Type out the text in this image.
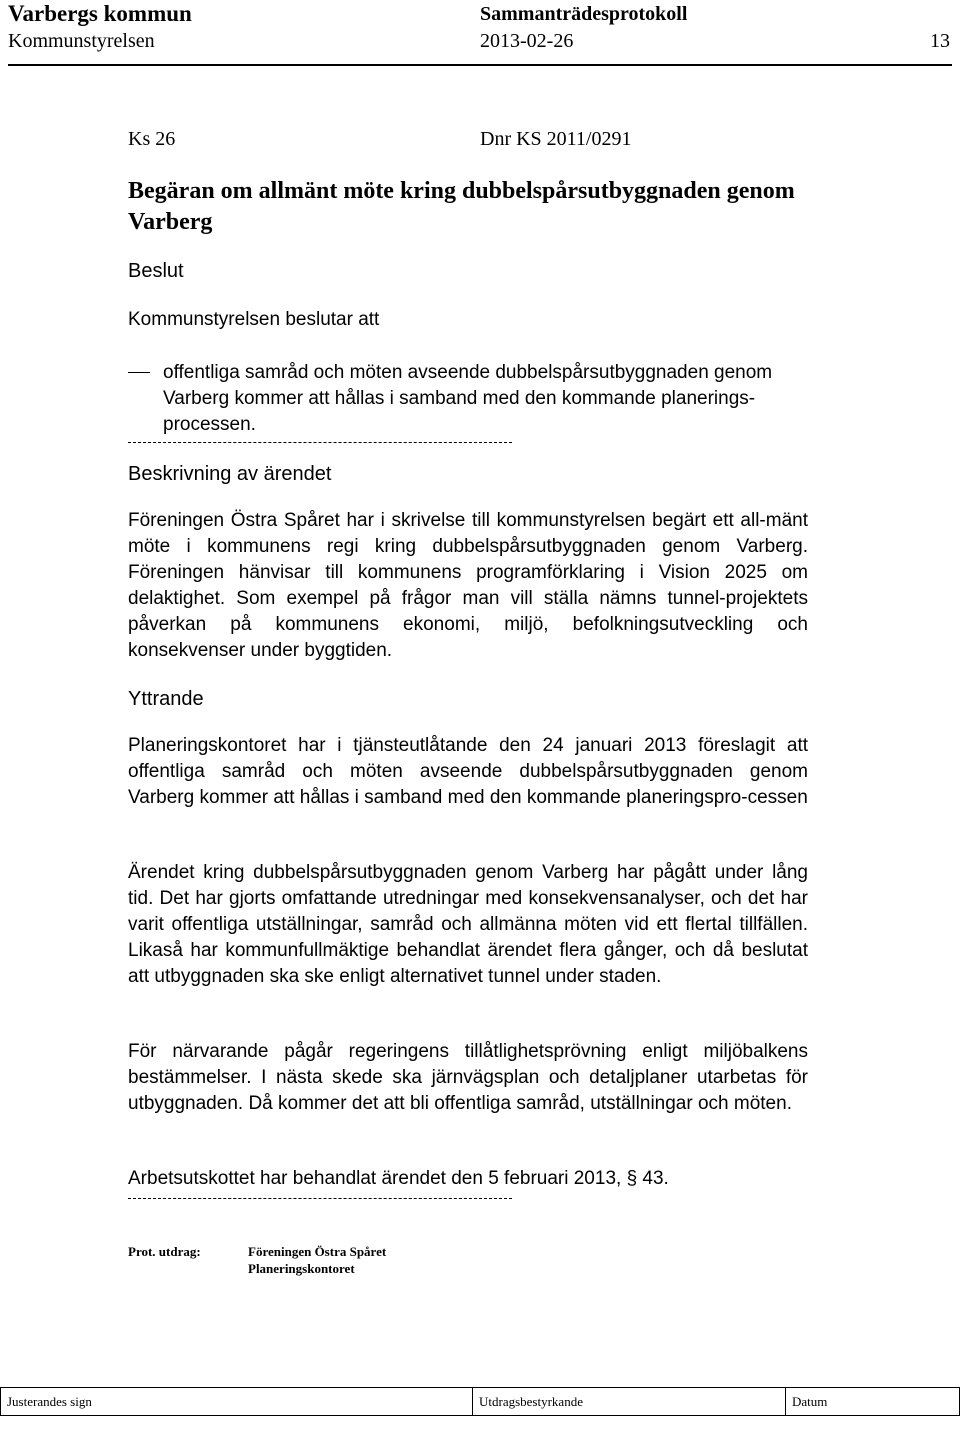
Varbergs kommun	Sammanträdesprotokoll
Kommunstyrelsen	2013-02-26	13
Ks 26	Dnr KS 2011/0291
Begäran om allmänt möte kring dubbelspårsutbyggnaden genom Varberg
Beslut
Kommunstyrelsen beslutar att
offentliga samråd och möten avseende dubbelspårsutbyggnaden genom Varberg kommer att hållas i samband med den kommande planerings-processen.
Beskrivning av ärendet
Föreningen Östra Spåret har i skrivelse till kommunstyrelsen begärt ett all-mänt möte i kommunens regi kring dubbelspårsutbyggnaden genom Varberg. Föreningen hänvisar till kommunens programförklaring i Vision 2025 om delaktighet. Som exempel på frågor man vill ställa nämns tunnel-projektets påverkan på kommunens ekonomi, miljö, befolkningsutveckling och konsekvenser under byggtiden.
Yttrande
Planeringskontoret har i tjänsteutlåtande den 24 januari 2013 föreslagit att offentliga samråd och möten avseende dubbelspårsutbyggnaden genom Varberg kommer att hållas i samband med den kommande planeringspro-cessen
Ärendet kring dubbelspårsutbyggnaden genom Varberg har pågått under lång tid. Det har gjorts omfattande utredningar med konsekvensanalyser, och det har varit offentliga utställningar, samråd och allmänna möten vid ett flertal tillfällen. Likaså har kommunfullmäktige behandlat ärendet flera gånger, och då beslutat att utbyggnaden ska ske enligt alternativet tunnel under staden.
För närvarande pågår regeringens tillåtlighetsprövning enligt miljöbalkens bestämmelser. I nästa skede ska järnvägsplan och detaljplaner utarbetas för utbyggnaden. Då kommer det att bli offentliga samråd, utställningar och möten.
Arbetsutskottet har behandlat ärendet den 5 februari 2013, § 43.
Prot. utdrag:	Föreningen Östra Spåret
Planeringskontoret
Justerandes sign	Utdragsbestyrkande	Datum
